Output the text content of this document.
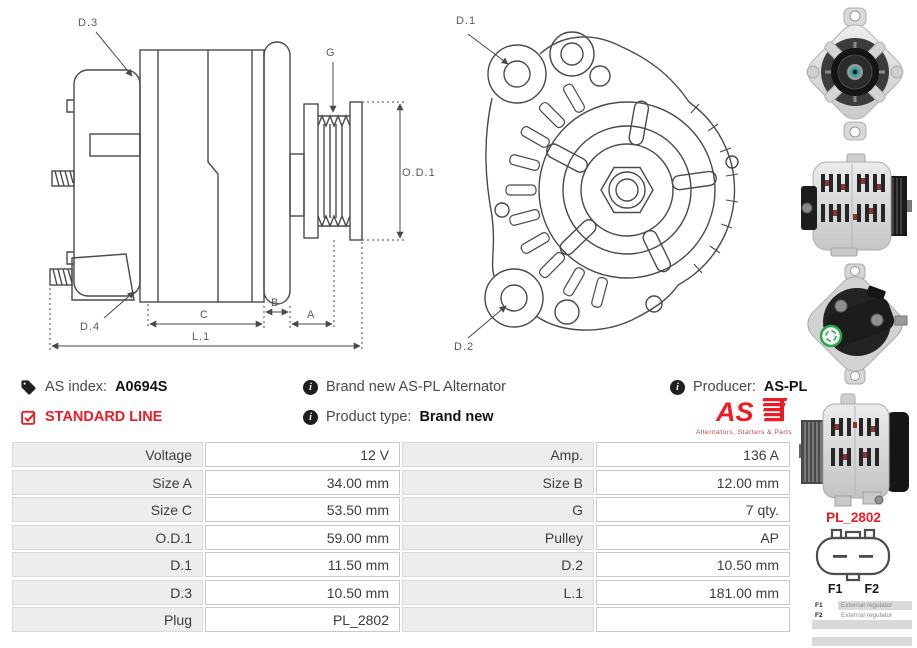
D.3
G
O.D.1
D.4
C
B
A
L.1
D.1
D.2
AS index: A0694S	i Brand new AS-PL Alternator	i Producer: AS-PL
STANDARD LINE	i Product type: Brand new	AS
Alternators, Starters & Parts
Voltage	12 V	Amp.	136 A
Size A	34.00 mm	Size B	12.00 mm
Size C	53.50 mm	G	7 qty.
O.D.1	59.00 mm	Pulley	AP
D.1	11.50 mm	D.2	10.50 mm
D.3	10.50 mm	L.1	181.00 mm
Plug	PL_2802
PL_2802
F1 F2
F1	External regulator
F2	External regulator
